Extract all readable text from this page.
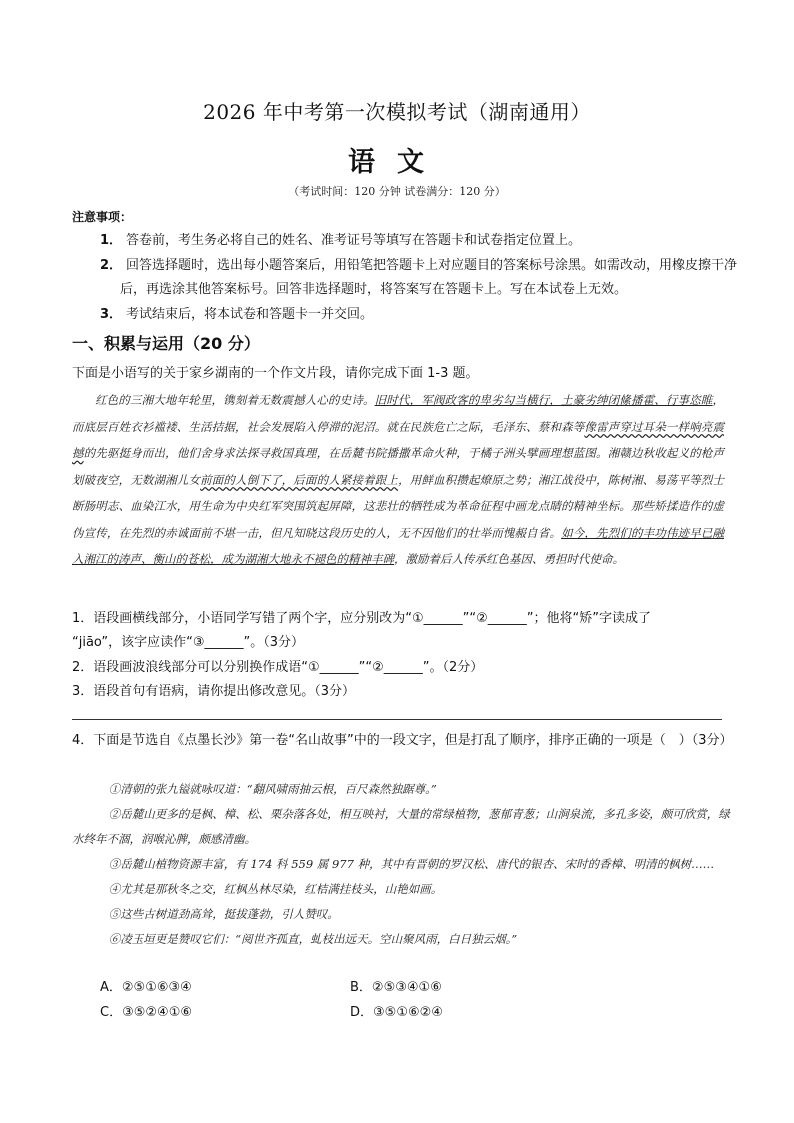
2026 年中考第一次模拟考试（湖南通用）
语文
（考试时间：120 分钟 试卷满分：120 分）
注意事项：
1． 答卷前，考生务必将自己的姓名、准考证号等填写在答题卡和试卷指定位置上。
2． 回答选择题时，选出每小题答案后，用铅笔把答题卡上对应题目的答案标号涂黑。如需改动，用橡皮擦干净后，再选涂其他答案标号。回答非选择题时，将答案写在答题卡上。写在本试卷上无效。
3． 考试结束后，将本试卷和答题卡一并交回。
一、积累与运用（20 分）
下面是小语写的关于家乡湖南的一个作文片段，请你完成下面 1-3 题。

红色的三湘大地年轮里，镌刻着无数震撼人心的史诗。旧时代，军阀政客的卑劣勾当横行，土豪劣绅闭絛播霍、行事恣睢，而底层百姓衣衫褴褛、生活拮据，社会发展陷入停滞的泥沼。就在民族危亡之际，毛泽东、蔡和森等像雷声穿过耳朵一样响亮震撼的先驱挺身而出，他们舍身求法探寻救国真理，在岳麓书院播撒革命火种，于橘子洲头擘画理想蓝图。湘赣边秋收起义的枪声划破夜空，无数湖湘儿女前面的人倒下了，后面的人紧接着跟上，用鲜血积攒起燎原之势；湘江战役中，陈树湘、易荡平等烈士断肠明志、血染江水，用生命为中央红军突围筑起屏障，这悲壮的牺牲成为革命征程中画龙点睛的精神坐标。那些矫揉造作的虚伪宣传，在先烈的赤诚面前不堪一击，但凡知晓这段历史的人，无不因他们的壮举而愧赧自省。如今，先烈们的丰功伟迹早已融入湘江的涛声、衡山的苍松，成为湖湘大地永不褪色的精神丰碑，激励着后人传承红色基因、勇担时代使命。

1．语段画横线部分，小语同学写错了两个字，应分别改为“①______”“②______”；他将“矫”字读成了
“jiāo”，该字应读作“③______”。（3分）
2．语段画波浪线部分可以分别换作成语“①______”“②______”。（2分）
3．语段首句有语病，请你提出修改意见。（3分）
4．下面是节选自《点墨长沙》第一卷“名山故事”中的一段文字，但是打乱了顺序，排序正确的一项是（　）（3分）

①清朝的张九镒就咏叹道：“翻风啸雨抽云根，百尺森然独踞尊。”

②岳麓山更多的是枫、樟、松、栗杂落各处，相互映衬，大量的常绿植物，葱郁青葱；山涧泉流，多孔多姿，颇可欣赏，绿水终年不涸，润喉沁脾，颇感清幽。

③岳麓山植物资源丰富，有 174 科 559 属 977 种，其中有晋朝的罗汉松、唐代的银杏、宋时的香樟、明清的枫树……

④尤其是那秋冬之交，红枫丛林尽染，红桔满挂枝头，山艳如画。

⑤这些古树道劲高耸，挺拔蓬勃，引人赞叹。

⑥凌玉垣更是赞叹它们：“阅世齐孤直，虬枝出远天。空山聚风雨，白日独云烟。”

A．②⑤①⑥③④	B．②⑤③④①⑥
C．③⑤②④①⑥	D．③⑤①⑥②④
